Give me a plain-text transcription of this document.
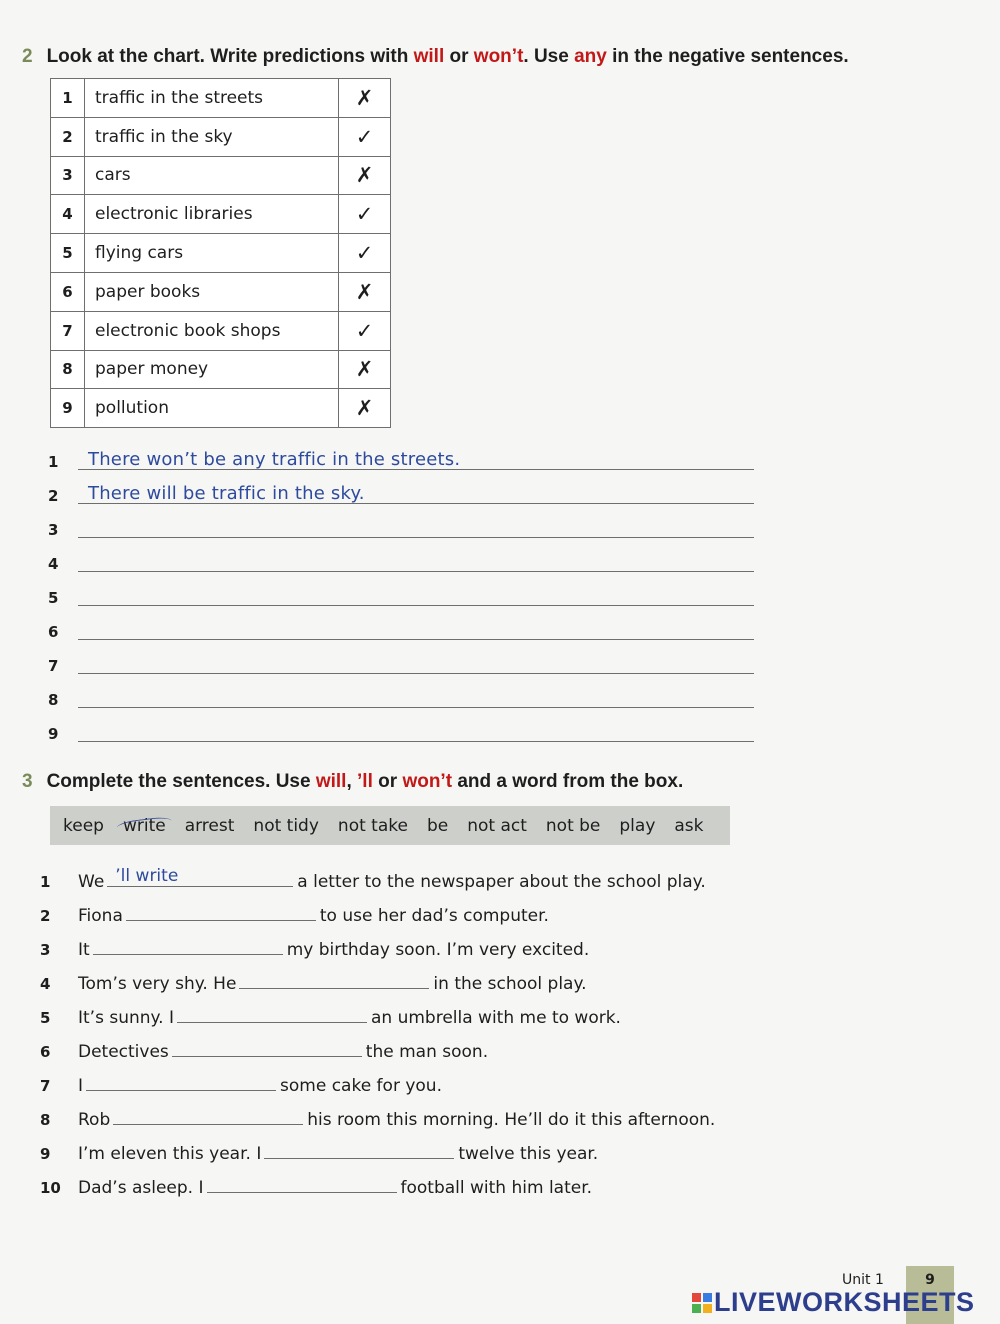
2 Look at the chart. Write predictions with will or won’t. Use any in the negative sentences.
1	traffic in the streets	✗
2	traffic in the sky	✓
3	cars	✗
4	electronic libraries	✓
5	flying cars	✓
6	paper books	✗
7	electronic book shops	✓
8	paper money	✗
9	pollution	✗
1 There won’t be any traffic in the streets.
2 There will be traffic in the sky.
3
4
5
6
7
8
9
3 Complete the sentences. Use will, ’ll or won’t and a word from the box.
keep write arrest not tidy not take be not act not be play ask
1 We ’ll write	a letter to the newspaper about the school play.
2 Fiona	to use her dad’s computer.
3 It	my birthday soon. I’m very excited.
4 Tom’s very shy. He	in the school play.
5 It’s sunny. I	an umbrella with me to work.
6 Detectives	the man soon.
7 I	some cake for you.
8 Rob	his room this morning. He’ll do it this afternoon.
9 I’m eleven this year. I	twelve this year.
10 Dad’s asleep. I	football with him later.
9
Unit 1
LIVEWORKSHEETS
